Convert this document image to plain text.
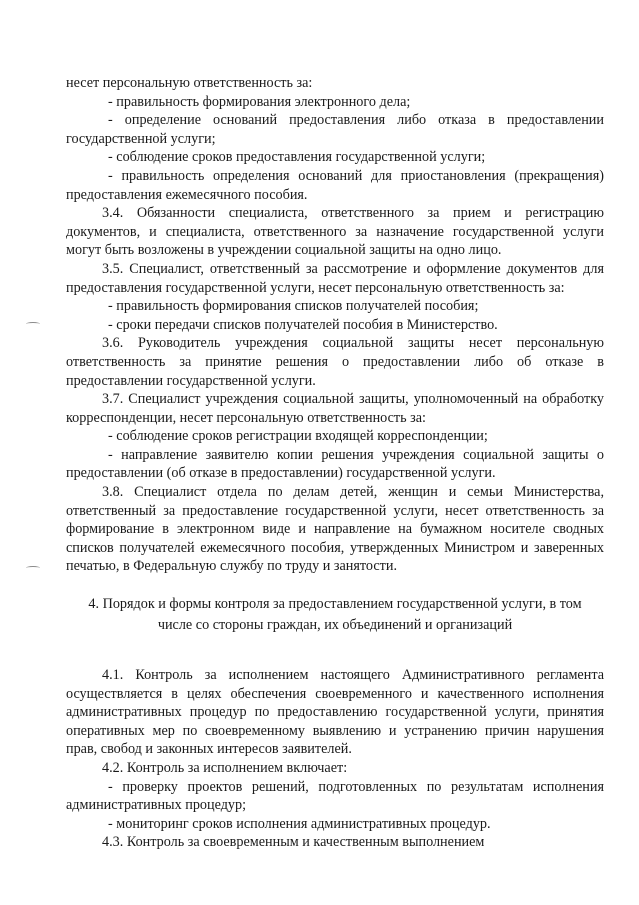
несет персональную ответственность за:

- правильность формирования электронного дела;

- определение оснований предоставления либо отказа в предоставлении государственной услуги;

- соблюдение сроков предоставления государственной услуги;

- правильность определения оснований для приостановления (прекращения) предоставления ежемесячного пособия.

3.4. Обязанности специалиста, ответственного за прием и регистрацию документов, и специалиста, ответственного за назначение государственной услуги могут быть возложены в учреждении социальной защиты на одно лицо.

3.5. Специалист, ответственный за рассмотрение и оформление документов для предоставления государственной услуги, несет персональную ответственность за:

- правильность формирования списков получателей пособия;

- сроки передачи списков получателей пособия в Министерство.

3.6. Руководитель учреждения социальной защиты несет персональную ответственность за принятие решения о предоставлении либо об отказе в предоставлении государственной услуги.

3.7. Специалист учреждения социальной защиты, уполномоченный на обработку корреспонденции, несет персональную ответственность за:

- соблюдение сроков регистрации входящей корреспонденции;

- направление заявителю копии решения учреждения социальной защиты о предоставлении (об отказе в предоставлении) государственной услуги.

3.8. Специалист отдела по делам детей, женщин и семьи Министерства, ответственный за предоставление государственной услуги, несет ответственность за формирование в электронном виде и направление на бумажном носителе сводных списков получателей ежемесячного пособия, утвержденных Министром и заверенных печатью, в Федеральную службу по труду и занятости.

4. Порядок и формы контроля за предоставлением государственной услуги, в том числе со стороны граждан, их объединений и организаций

4.1. Контроль за исполнением настоящего Административного регламента осуществляется в целях обеспечения своевременного и качественного исполнения административных процедур по предоставлению государственной услуги, принятия оперативных мер по своевременному выявлению и устранению причин нарушения прав, свобод и законных интересов заявителей.

4.2. Контроль за исполнением включает:

- проверку проектов решений, подготовленных по результатам исполнения административных процедур;

- мониторинг сроков исполнения административных процедур.

4.3. Контроль за своевременным и качественным выполнением
